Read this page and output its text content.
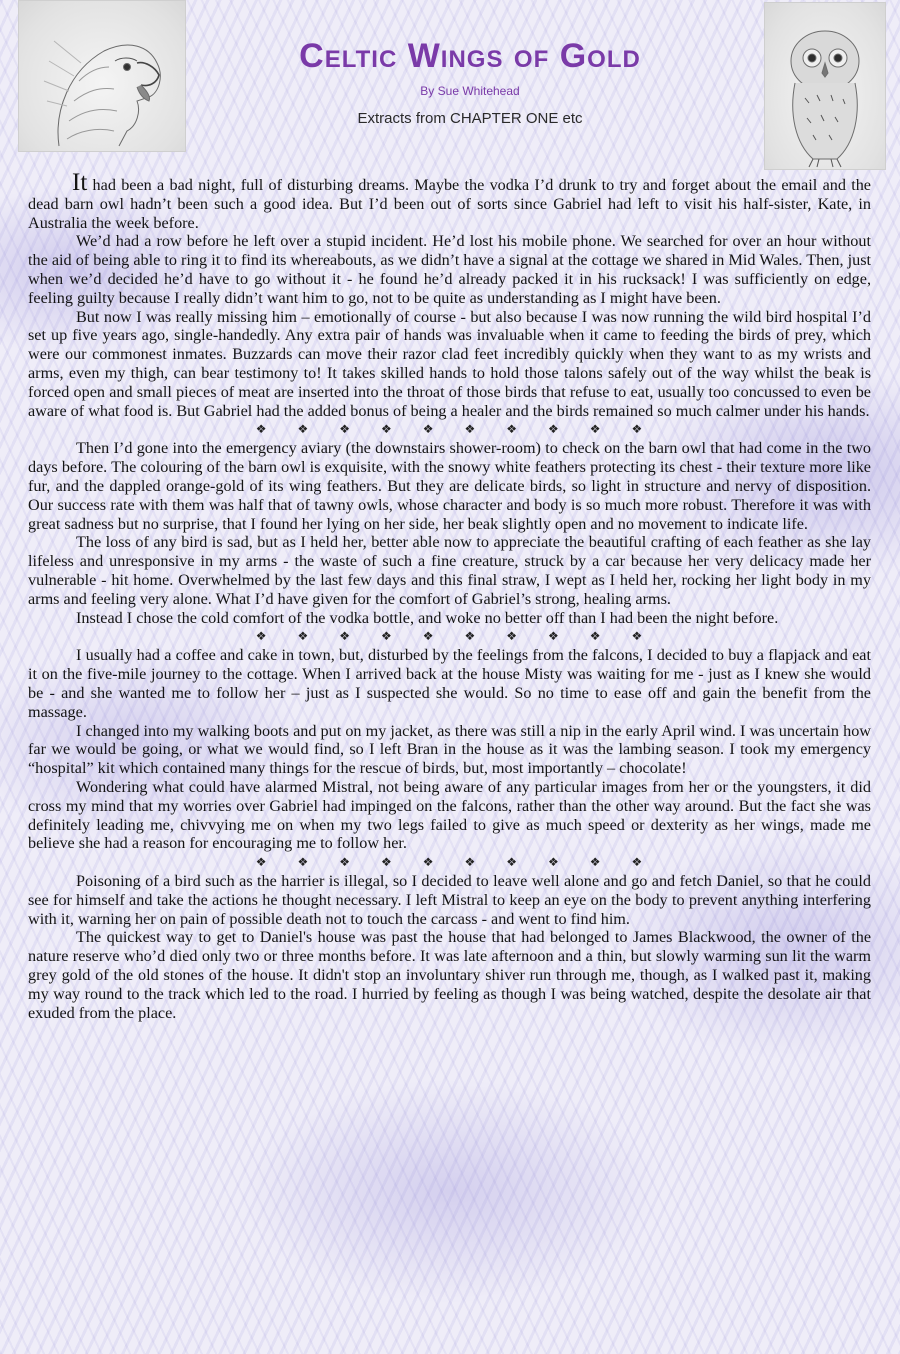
Celtic Wings of Gold
By Sue Whitehead
Extracts from CHAPTER ONE etc

It had been a bad night, full of disturbing dreams. Maybe the vodka I’d drunk to try and forget about the email and the dead barn owl hadn’t been such a good idea. But I’d been out of sorts since Gabriel had left to visit his half-sister, Kate, in Australia the week before.

We’d had a row before he left over a stupid incident. He’d lost his mobile phone. We searched for over an hour without the aid of being able to ring it to find its whereabouts, as we didn’t have a signal at the cottage we shared in Mid Wales. Then, just when we’d decided he’d have to go without it - he found he’d already packed it in his rucksack! I was sufficiently on edge, feeling guilty because I really didn’t want him to go, not to be quite as understanding as I might have been.

But now I was really missing him – emotionally of course - but also because I was now running the wild bird hospital I’d set up five years ago, single-handedly. Any extra pair of hands was invaluable when it came to feeding the birds of prey, which were our commonest inmates. Buzzards can move their razor clad feet incredibly quickly when they want to as my wrists and arms, even my thigh, can bear testimony to! It takes skilled hands to hold those talons safely out of the way whilst the beak is forced open and small pieces of meat are inserted into the throat of those birds that refuse to eat, usually too concussed to even be aware of what food is. But Gabriel had the added bonus of being a healer and the birds remained so much calmer under his hands.

❖❖❖❖❖❖❖❖❖❖

Then I’d gone into the emergency aviary (the downstairs shower-room) to check on the barn owl that had come in the two days before. The colouring of the barn owl is exquisite, with the snowy white feathers protecting its chest - their texture more like fur, and the dappled orange-gold of its wing feathers. But they are delicate birds, so light in structure and nervy of disposition. Our success rate with them was half that of tawny owls, whose character and body is so much more robust. Therefore it was with great sadness but no surprise, that I found her lying on her side, her beak slightly open and no movement to indicate life.

The loss of any bird is sad, but as I held her, better able now to appreciate the beautiful crafting of each feather as she lay lifeless and unresponsive in my arms - the waste of such a fine creature, struck by a car because her very delicacy made her vulnerable - hit home. Overwhelmed by the last few days and this final straw, I wept as I held her, rocking her light body in my arms and feeling very alone. What I’d have given for the comfort of Gabriel’s strong, healing arms.

Instead I chose the cold comfort of the vodka bottle, and woke no better off than I had been the night before.

❖❖❖❖❖❖❖❖❖❖

I usually had a coffee and cake in town, but, disturbed by the feelings from the falcons, I decided to buy a flapjack and eat it on the five-mile journey to the cottage. When I arrived back at the house Misty was waiting for me - just as I knew she would be - and she wanted me to follow her – just as I suspected she would. So no time to ease off and gain the benefit from the massage.

I changed into my walking boots and put on my jacket, as there was still a nip in the early April wind. I was uncertain how far we would be going, or what we would find, so I left Bran in the house as it was the lambing season. I took my emergency “hospital” kit which contained many things for the rescue of birds, but, most importantly – chocolate!

Wondering what could have alarmed Mistral, not being aware of any particular images from her or the youngsters, it did cross my mind that my worries over Gabriel had impinged on the falcons, rather than the other way around. But the fact she was definitely leading me, chivvying me on when my two legs failed to give as much speed or dexterity as her wings, made me believe she had a reason for encouraging me to follow her.

❖❖❖❖❖❖❖❖❖❖

Poisoning of a bird such as the harrier is illegal, so I decided to leave well alone and go and fetch Daniel, so that he could see for himself and take the actions he thought necessary. I left Mistral to keep an eye on the body to prevent anything interfering with it, warning her on pain of possible death not to touch the carcass - and went to find him.

The quickest way to get to Daniel's house was past the house that had belonged to James Blackwood, the owner of the nature reserve who’d died only two or three months before. It was late afternoon and a thin, but slowly warming sun lit the warm grey gold of the old stones of the house. It didn't stop an involuntary shiver run through me, though, as I walked past it, making my way round to the track which led to the road. I hurried by feeling as though I was being watched, despite the desolate air that exuded from the place.
